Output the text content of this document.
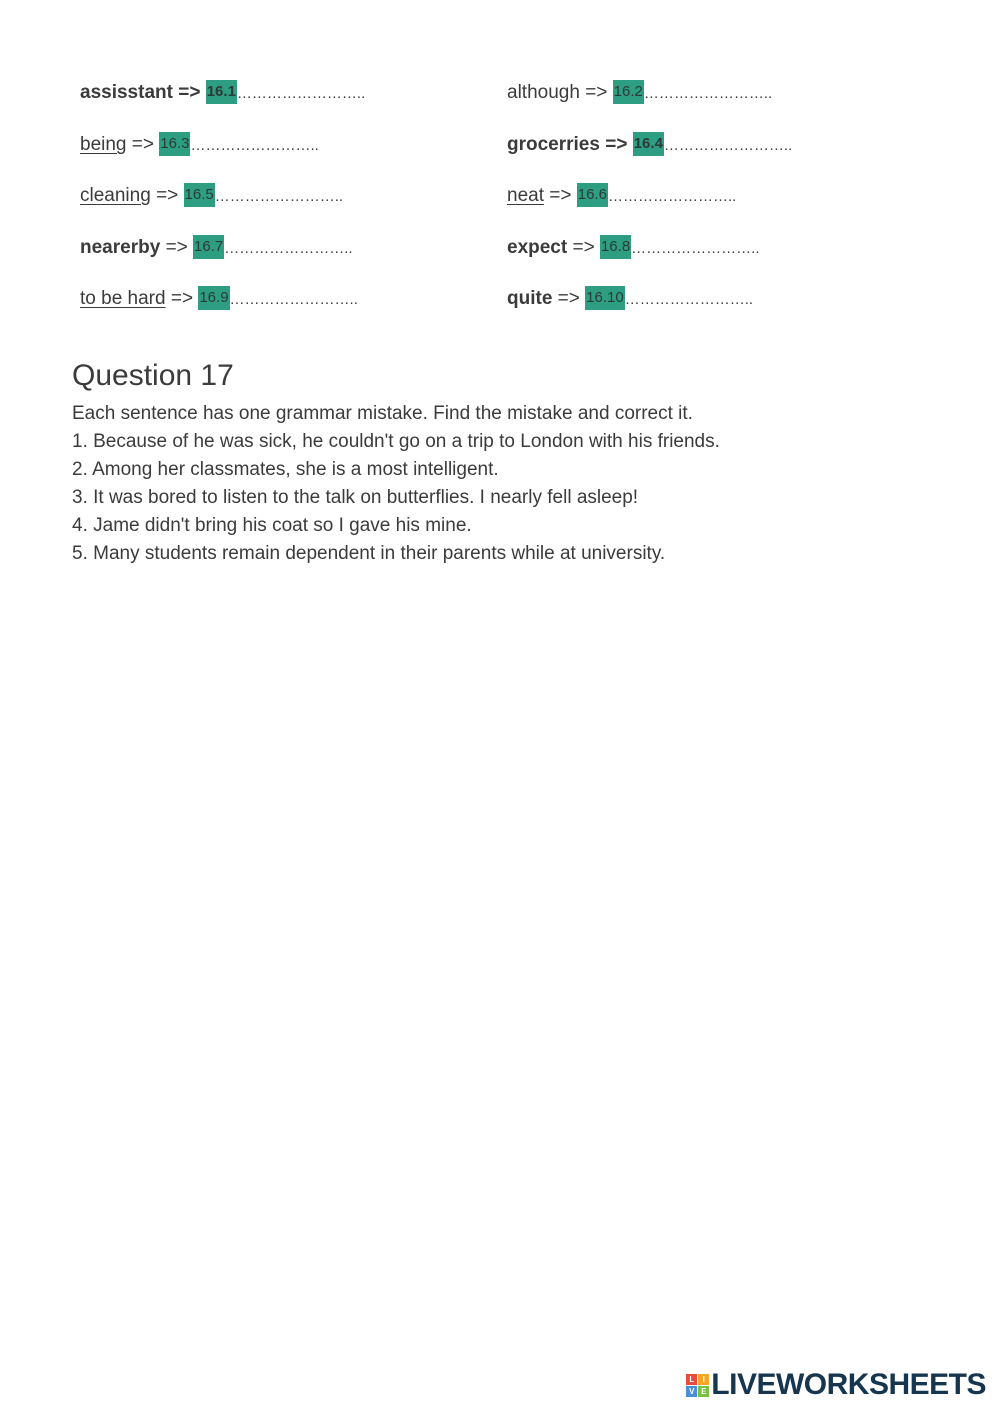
assisstant => 16.1……………………..	although => 16.2……………………..
being => 16.3……………………..	grocerries => 16.4……………………..
cleaning => 16.5……………………..	neat => 16.6……………………..
nearerby => 16.7……………………..	expect => 16.8……………………..
to be hard => 16.9……………………..	quite => 16.10……………………..
Question 17
Each sentence has one grammar mistake. Find the mistake and correct it.
1. Because of he was sick, he couldn't go on a trip to London with his friends.
2. Among her classmates, she is a most intelligent.
3. It was bored to listen to the talk on butterflies. I nearly fell asleep!
4. Jame didn't bring his coat so I gave his mine.
5. Many students remain dependent in their parents while at university.
L	I
V E LIVEWORKSHEETS
